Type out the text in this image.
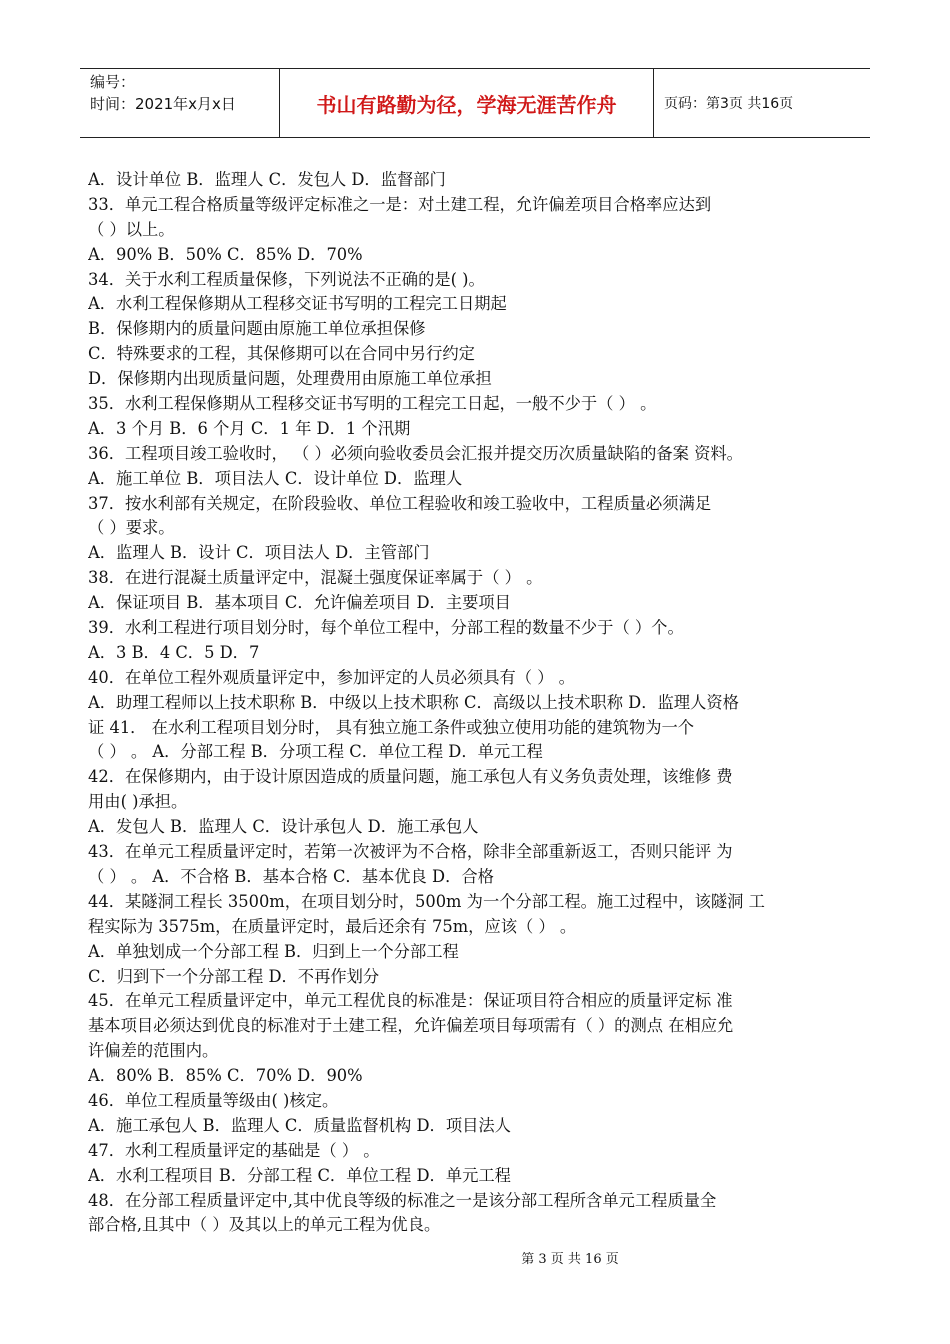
编号：
时间：2021年x月x日	书山有路勤为径，学海无涯苦作舟	页码：第3页 共16页
A．设计单位 B．监理人 C．发包人 D．监督部门
33．单元工程合格质量等级评定标准之一是：对土建工程，允许偏差项目合格率应达到
（ ）以上。
A．90% B．50% C．85% D．70%
34．关于水利工程质量保修，下列说法不正确的是( )。
A．水利工程保修期从工程移交证书写明的工程完工日期起
B．保修期内的质量问题由原施工单位承担保修
C．特殊要求的工程，其保修期可以在合同中另行约定
D．保修期内出现质量问题，处理费用由原施工单位承担
35．水利工程保修期从工程移交证书写明的工程完工日起，一般不少于（ ） 。
A．3 个月 B．6 个月 C．1 年 D．1 个汛期
36．工程项目竣工验收时， （ ）必须向验收委员会汇报并提交历次质量缺陷的备案 资料。
A．施工单位 B．项目法人 C．设计单位 D．监理人
37．按水利部有关规定，在阶段验收、单位工程验收和竣工验收中，工程质量必须满足
（ ）要求。
A．监理人 B．设计 C．项目法人 D．主管部门
38．在进行混凝土质量评定中，混凝土强度保证率属于（ ） 。
A．保证项目 B．基本项目 C．允许偏差项目 D．主要项目
39．水利工程进行项目划分时，每个单位工程中，分部工程的数量不少于（ ）个。
A．3 B．4 C．5 D．7
40．在单位工程外观质量评定中，参加评定的人员必须具有（ ） 。
A．助理工程师以上技术职称 B．中级以上技术职称 C．高级以上技术职称 D．监理人资格
证 41． 在水利工程项目划分时， 具有独立施工条件或独立使用功能的建筑物为一个
（ ） 。 A．分部工程 B．分项工程 C．单位工程 D．单元工程
42．在保修期内，由于设计原因造成的质量问题，施工承包人有义务负责处理，该维修 费
用由( )承担。
A．发包人 B．监理人 C．设计承包人 D．施工承包人
43．在单元工程质量评定时，若第一次被评为不合格，除非全部重新返工，否则只能评 为
（ ） 。 A．不合格 B．基本合格 C．基本优良 D．合格
44．某隧洞工程长 3500m，在项目划分时，500m 为一个分部工程。施工过程中，该隧洞 工
程实际为 3575m，在质量评定时，最后还余有 75m，应该（ ） 。
A．单独划成一个分部工程 B．归到上一个分部工程
C．归到下一个分部工程 D．不再作划分
45．在单元工程质量评定中，单元工程优良的标准是：保证项目符合相应的质量评定标 准
基本项目必须达到优良的标准对于土建工程，允许偏差项目每项需有（ ）的测点 在相应允
许偏差的范围内。
A．80% B．85% C．70% D．90%
46．单位工程质量等级由( )核定。
A．施工承包人 B．监理人 C．质量监督机构 D．项目法人
47．水利工程质量评定的基础是（ ） 。
A．水利工程项目 B．分部工程 C．单位工程 D．单元工程
48．在分部工程质量评定中,其中优良等级的标准之一是该分部工程所含单元工程质量全
部合格,且其中（ ）及其以上的单元工程为优良。
第 3 页 共 16 页
